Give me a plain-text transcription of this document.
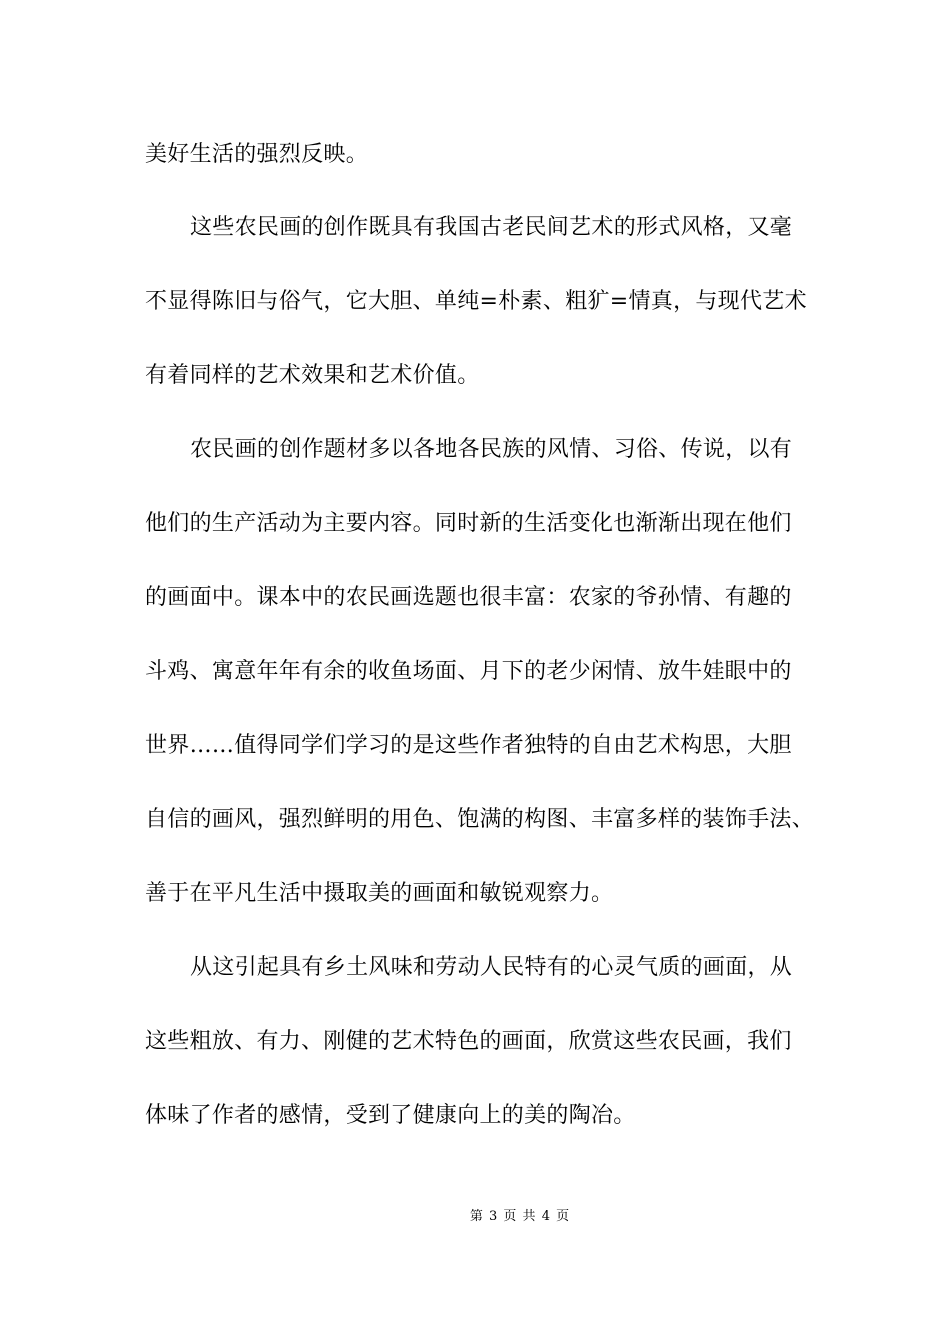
美好生活的强烈反映。
这些农民画的创作既具有我国古老民间艺术的形式风格，又毫
不显得陈旧与俗气，它大胆、单纯=朴素、粗犷=情真，与现代艺术
有着同样的艺术效果和艺术价值。
农民画的创作题材多以各地各民族的风情、习俗、传说，以有
他们的生产活动为主要内容。同时新的生活变化也渐渐出现在他们
的画面中。课本中的农民画选题也很丰富：农家的爷孙情、有趣的
斗鸡、寓意年年有余的收鱼场面、月下的老少闲情、放牛娃眼中的
世界……值得同学们学习的是这些作者独特的自由艺术构思，大胆
自信的画风，强烈鲜明的用色、饱满的构图、丰富多样的装饰手法、
善于在平凡生活中摄取美的画面和敏锐观察力。
从这引起具有乡土风味和劳动人民特有的心灵气质的画面，从
这些粗放、有力、刚健的艺术特色的画面，欣赏这些农民画，我们
体味了作者的感情，受到了健康向上的美的陶冶。
第 3 页 共 4 页
